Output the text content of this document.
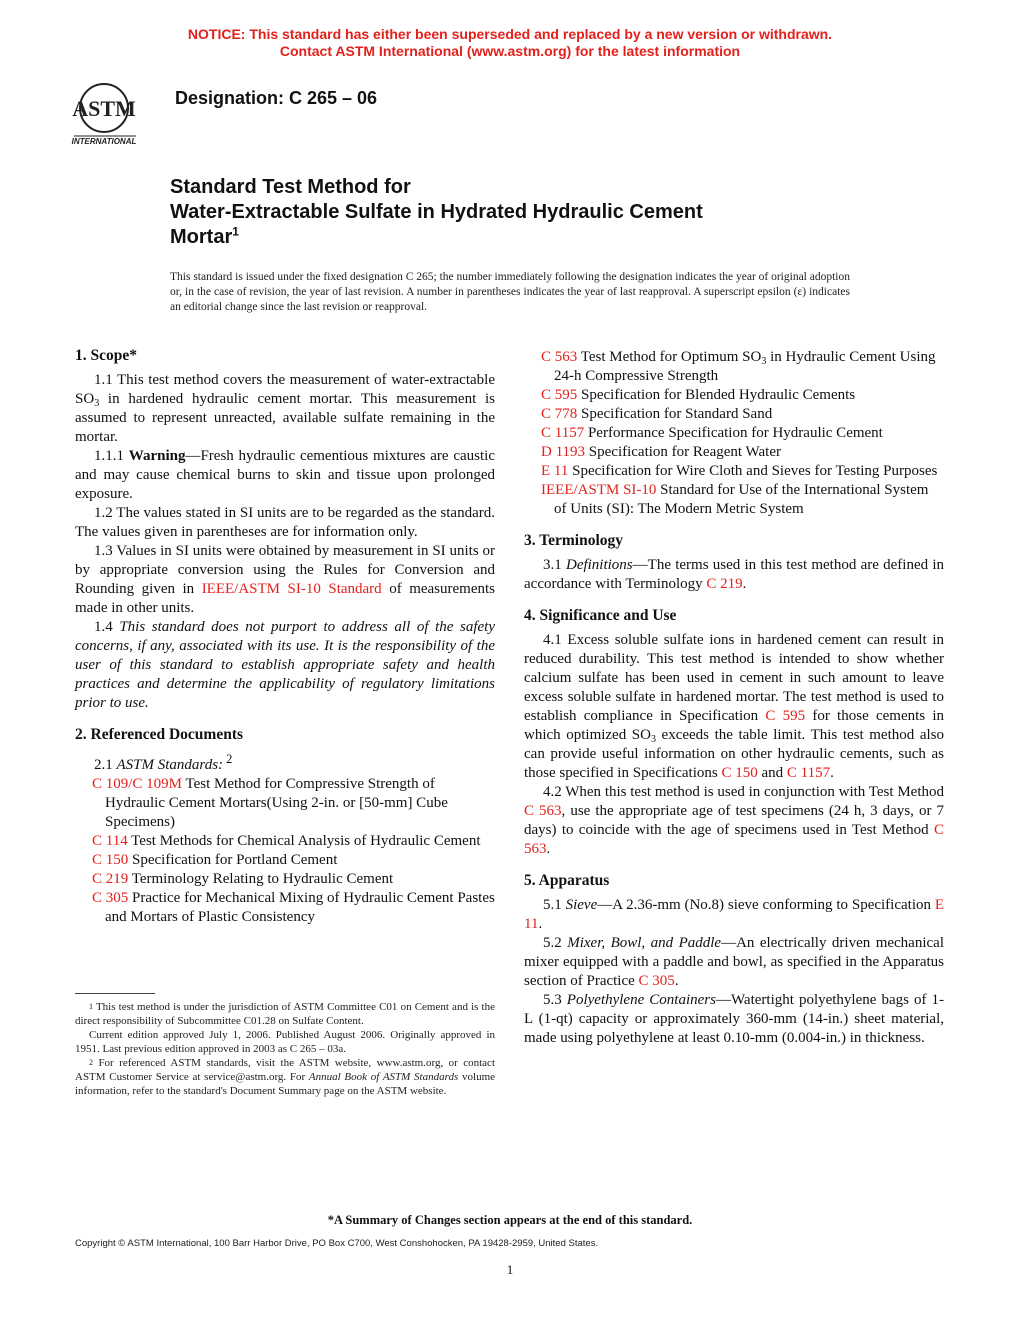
NOTICE: This standard has either been superseded and replaced by a new version or withdrawn.
Contact ASTM International (www.astm.org) for the latest information
ASTM
INTERNATIONAL
Designation: C 265 – 06
Standard Test Method for
Water-Extractable Sulfate in Hydrated Hydraulic Cement
Mortar$^1$
This standard is issued under the fixed designation C 265; the number immediately following the designation indicates the year of original adoption or, in the case of revision, the year of last revision. A number in parentheses indicates the year of last reapproval. A superscript epsilon (ε) indicates an editorial change since the last revision or reapproval.
1. Scope*

1.1 This test method covers the measurement of water-extractable $SO_3$ in hardened hydraulic cement mortar. This measurement is assumed to represent unreacted, available sulfate remaining in the mortar.

1.1.1 Warning—Fresh hydraulic cementious mixtures are caustic and may cause chemical burns to skin and tissue upon prolonged exposure.

1.2 The values stated in SI units are to be regarded as the standard. The values given in parentheses are for information only.

1.3 Values in SI units were obtained by measurement in SI units or by appropriate conversion using the Rules for Conversion and Rounding given in IEEE/ASTM SI-10 Standard of measurements made in other units.

1.4 This standard does not purport to address all of the safety concerns, if any, associated with its use. It is the responsibility of the user of this standard to establish appropriate safety and health practices and determine the applicability of regulatory limitations prior to use.

2. Referenced Documents

2.1 ASTM Standards: $^2$

C 109/C 109M Test Method for Compressive Strength of Hydraulic Cement Mortars(Using 2-in. or [50-mm] Cube Specimens)

C 114 Test Methods for Chemical Analysis of Hydraulic Cement

C 150 Specification for Portland Cement

C 219 Terminology Relating to Hydraulic Cement

C 305 Practice for Mechanical Mixing of Hydraulic Cement Pastes and Mortars of Plastic Consistency

C 563 Test Method for Optimum $SO_3$ in Hydraulic Cement Using 24-h Compressive Strength

C 595 Specification for Blended Hydraulic Cements

C 778 Specification for Standard Sand

C 1157 Performance Specification for Hydraulic Cement

D 1193 Specification for Reagent Water

E 11 Specification for Wire Cloth and Sieves for Testing Purposes

IEEE/ASTM SI-10 Standard for Use of the International System of Units (SI): The Modern Metric System

3. Terminology

3.1 Definitions—The terms used in this test method are defined in accordance with Terminology C 219.

4. Significance and Use

4.1 Excess soluble sulfate ions in hardened cement can result in reduced durability. This test method is intended to show whether calcium sulfate has been used in cement in such amount to leave excess soluble sulfate in hardened mortar. The test method is used to establish compliance in Specification C 595 for those cements in which optimized $SO_3$ exceeds the table limit. This test method also can provide useful information on other hydraulic cements, such as those specified in Specifications C 150 and C 1157.

4.2 When this test method is used in conjunction with Test Method C 563, use the appropriate age of test specimens (24 h, 3 days, or 7 days) to coincide with the age of specimens used in Test Method C 563.

5. Apparatus

5.1 Sieve—A 2.36-mm (No.8) sieve conforming to Specification E 11.

5.2 Mixer, Bowl, and Paddle—An electrically driven mechanical mixer equipped with a paddle and bowl, as specified in the Apparatus section of Practice C 305.

5.3 Polyethylene Containers—Watertight polyethylene bags of 1-L (1-qt) capacity or approximately 360-mm (14-in.) sheet material, made using polyethylene at least 0.10-mm (0.004-in.) in thickness.

$^1$ This test method is under the jurisdiction of ASTM Committee C01 on Cement and is the direct responsibility of Subcommittee C01.28 on Sulfate Content.

Current edition approved July 1, 2006. Published August 2006. Originally approved in 1951. Last previous edition approved in 2003 as C 265 – 03a.

$^2$ For referenced ASTM standards, visit the ASTM website, www.astm.org, or contact ASTM Customer Service at service@astm.org. For Annual Book of ASTM Standards volume information, refer to the standard's Document Summary page on the ASTM website.

*A Summary of Changes section appears at the end of this standard.
Copyright © ASTM International, 100 Barr Harbor Drive, PO Box C700, West Conshohocken, PA 19428-2959, United States.
1
